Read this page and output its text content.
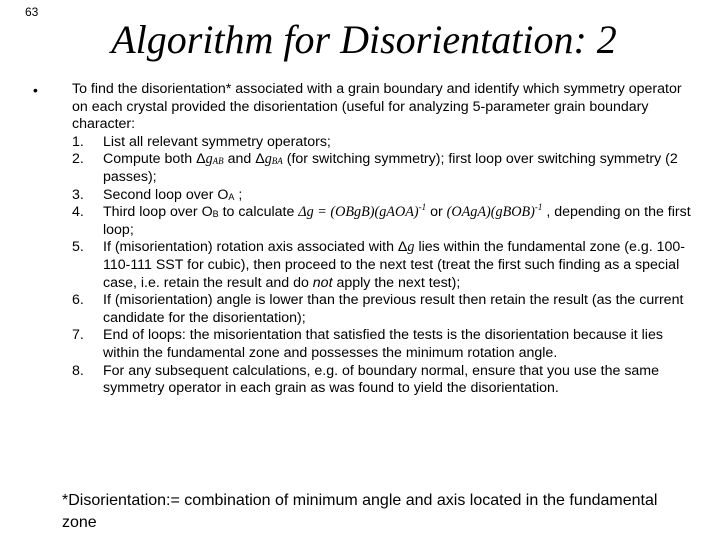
63
Algorithm for Disorientation: 2
• To find the disorientation* associated with a grain boundary and identify which symmetry operator on each crystal provided the disorientation (useful for analyzing 5-parameter grain boundary character:

1.	List all relevant symmetry operators;
2.	Compute both $\Delta g_{AB}$ and $\Delta g_{BA}$ (for switching symmetry); first loop over switching symmetry (2 passes);
3.	Second loop over $O_A$ ;
4.	Third loop over $O_B$ to calculate Δg = (OBgB)(gAOA)$^{-1}$ or (OAgA)(gBOB)$^{-1}$ , depending on the first loop;
5.	If (misorientation) rotation axis associated with Δg lies within the fundamental zone (e.g. 100-110-111 SST for cubic), then proceed to the next test (treat the first such finding as a special case, i.e. retain the result and do not apply the next test);
6.	If (misorientation) angle is lower than the previous result then retain the result (as the current candidate for the disorientation);
7.	End of loops: the misorientation that satisfied the tests is the disorientation because it lies within the fundamental zone and possesses the minimum rotation angle.
8.	For any subsequent calculations, e.g. of boundary normal, ensure that you use the same symmetry operator in each grain as was found to yield the disorientation.
*Disorientation:= combination of minimum angle and axis located in the fundamental zone
